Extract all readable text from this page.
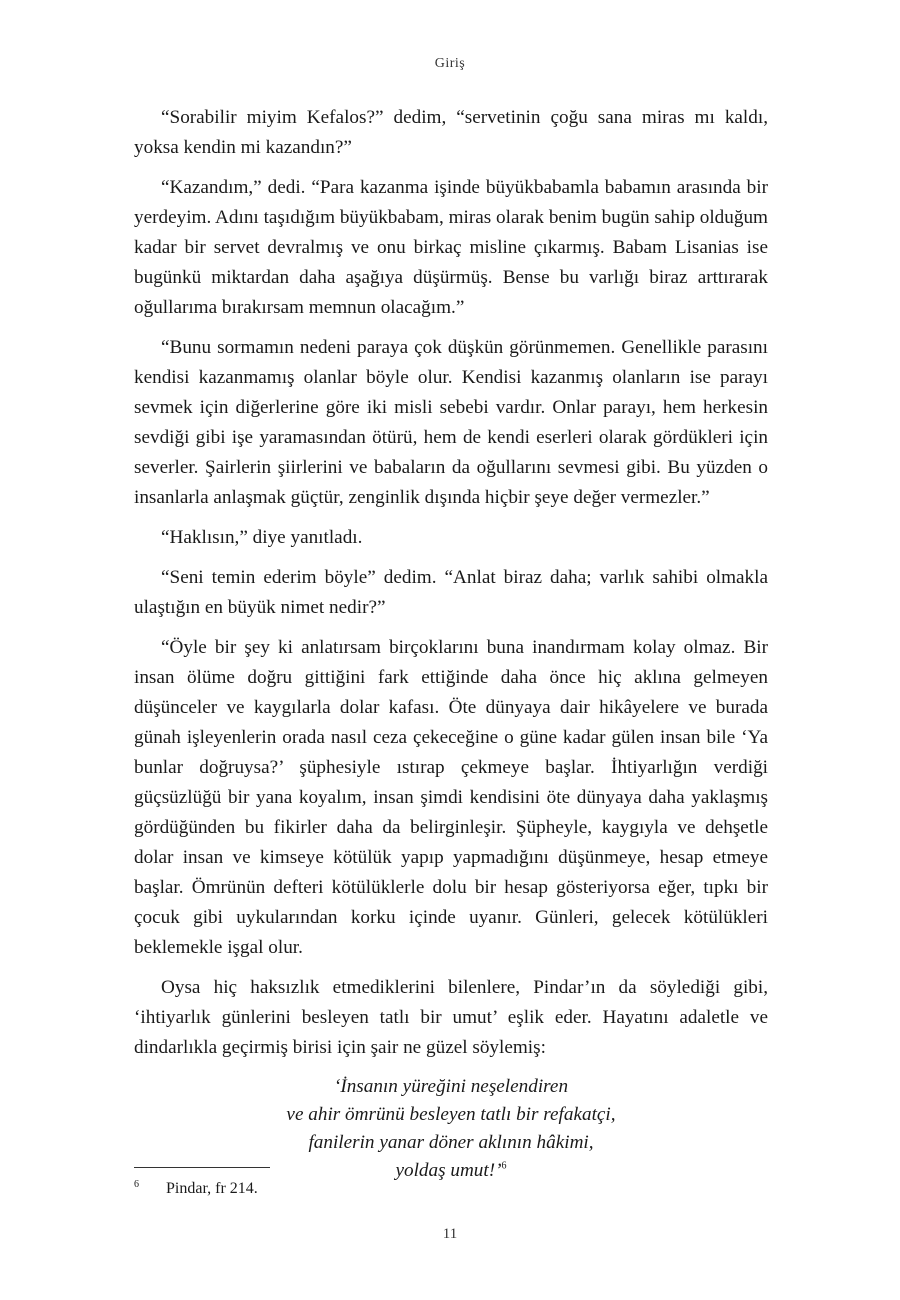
Giriş

“Sorabilir miyim Kefalos?” dedim, “servetinin çoğu sana miras mı kaldı, yoksa kendin mi kazandın?”

“Kazandım,” dedi. “Para kazanma işinde büyükbabamla babamın arasında bir yerdeyim. Adını taşıdığım büyükbabam, miras olarak benim bugün sahip olduğum kadar bir servet devralmış ve onu birkaç misline çıkarmış. Babam Lisanias ise bugünkü miktardan daha aşağıya düşürmüş. Bense bu varlığı biraz arttırarak oğullarıma bırakırsam memnun olacağım.”

“Bunu sormamın nedeni paraya çok düşkün görünmemen. Genellikle parasını kendisi kazanmamış olanlar böyle olur. Kendisi kazanmış olanların ise parayı sevmek için diğerlerine göre iki misli sebebi vardır. Onlar parayı, hem herkesin sevdiği gibi işe yaramasından ötürü, hem de kendi eserleri olarak gördükleri için severler. Şairlerin şiirlerini ve babaların da oğullarını sevmesi gibi. Bu yüzden o insanlarla anlaşmak güçtür, zenginlik dışında hiçbir şeye değer vermezler.”

“Haklısın,” diye yanıtladı.

“Seni temin ederim böyle” dedim. “Anlat biraz daha; varlık sahibi olmakla ulaştığın en büyük nimet nedir?”

“Öyle bir şey ki anlatırsam birçoklarını buna inandırmam kolay olmaz. Bir insan ölüme doğru gittiğini fark ettiğinde daha önce hiç aklına gelmeyen düşünceler ve kaygılarla dolar kafası. Öte dünyaya dair hikâyelere ve burada günah işleyenlerin orada nasıl ceza çekeceğine o güne kadar gülen insan bile ‘Ya bunlar doğruysa?’ şüphesiyle ıstırap çekmeye başlar. İhtiyarlığın verdiği güçsüzlüğü bir yana koyalım, insan şimdi kendisini öte dünyaya daha yaklaşmış gördüğünden bu fikirler daha da belirginleşir. Şüpheyle, kaygıyla ve dehşetle dolar insan ve kimseye kötülük yapıp yapmadığını düşünmeye, hesap etmeye başlar. Ömrünün defteri kötülüklerle dolu bir hesap gösteriyorsa eğer, tıpkı bir çocuk gibi uykularından korku içinde uyanır. Günleri, gelecek kötülükleri beklemekle işgal olur.

Oysa hiç haksızlık etmediklerini bilenlere, Pindar’ın da söylediği gibi, ‘ihtiyarlık günlerini besleyen tatlı bir umut’ eşlik eder. Hayatını adaletle ve dindarlıkla geçirmiş birisi için şair ne güzel söylemiş:

‘İnsanın yüreğini neşelendiren
ve ahir ömrünü besleyen tatlı bir refakatçi,
fanilerin yanar döner aklının hâkimi,
yoldaş umut!’$^6$
6 Pindar, fr 214.
11
